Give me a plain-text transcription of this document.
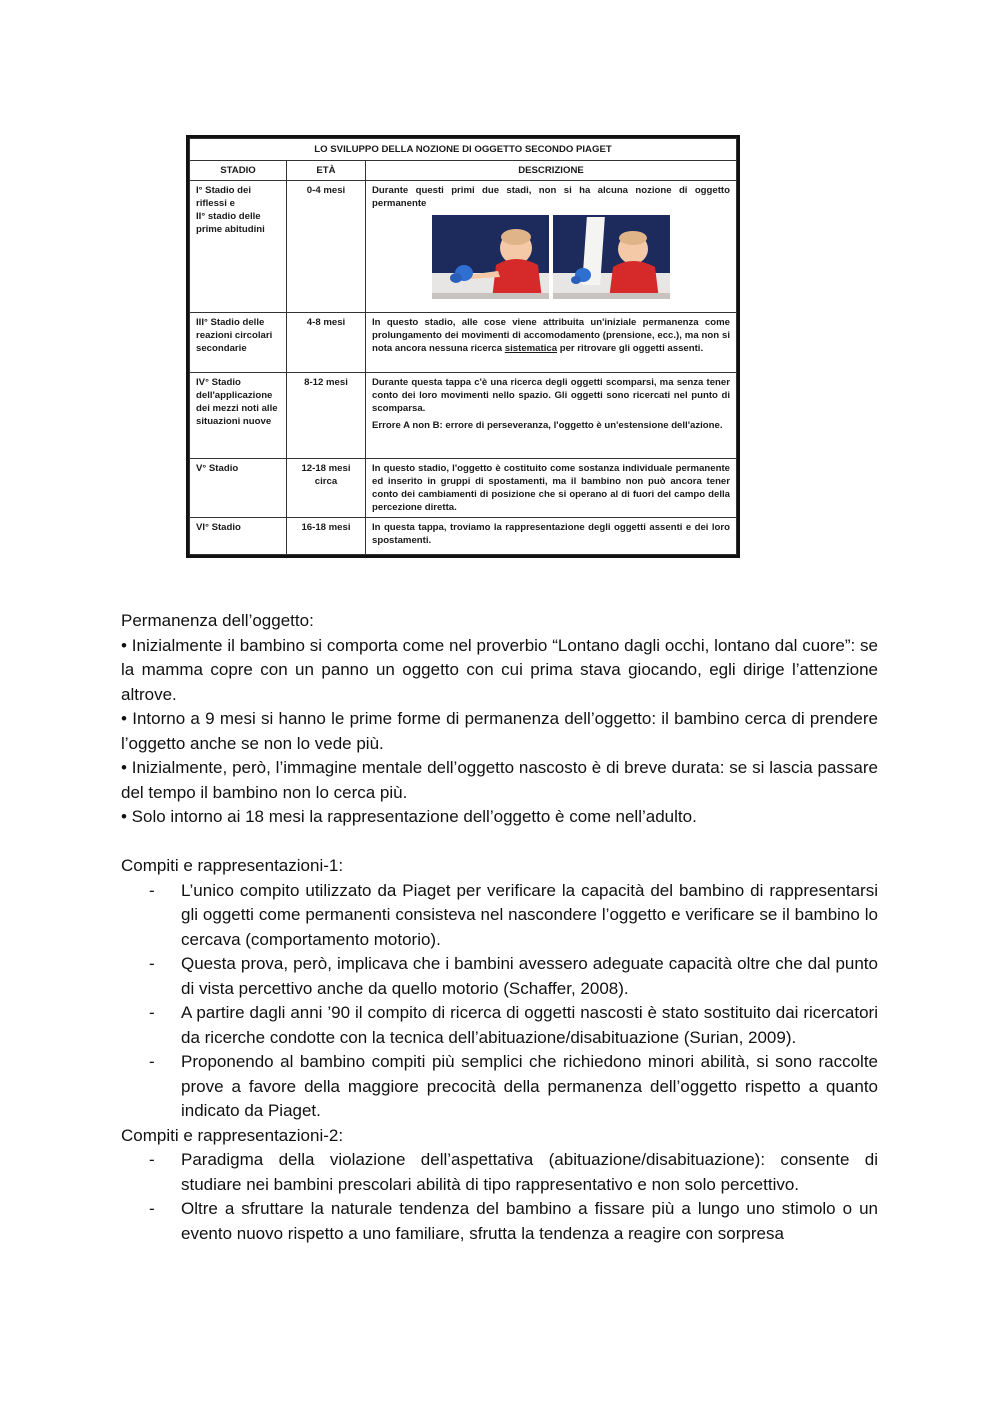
LO SVILUPPO DELLA NOZIONE DI OGGETTO SECONDO PIAGET		
STADIO	ETÀ	DESCRIZIONE

I° Stadio dei riflessi e
II° stadio delle prime abitudini	0-4 mesi	Durante questi primi due stadi, non si ha alcuna nozione di oggetto permanente

III° Stadio delle reazioni circolari secondarie	4-8 mesi	In questo stadio, alle cose viene attribuita un'iniziale permanenza come prolungamento dei movimenti di accomodamento (prensione, ecc.), ma non si nota ancora nessuna ricerca sistematica per ritrovare gli oggetti assenti.
IV° Stadio dell'applicazione dei mezzi noti alle situazioni nuove	8-12 mesi	Durante questa tappa c'è una ricerca degli oggetti scomparsi, ma senza tener conto dei loro movimenti nello spazio. Gli oggetti sono ricercati nel punto di scomparsa.

Errore A non B: errore di perseveranza, l'oggetto è un'estensione dell'azione.

V° Stadio	12-18 mesi circa	In questo stadio, l'oggetto è costituito come sostanza individuale permanente ed inserito in gruppi di spostamenti, ma il bambino non può ancora tener conto dei cambiamenti di posizione che si operano al di fuori del campo della percezione diretta.
VI° Stadio	16-18 mesi	In questa tappa, troviamo la rappresentazione degli oggetti assenti e dei loro spostamenti.

Permanenza dell’oggetto:

• Inizialmente il bambino si comporta come nel proverbio “Lontano dagli occhi, lontano dal cuore”: se la mamma copre con un panno un oggetto con cui prima stava giocando, egli dirige l’attenzione altrove.

• Intorno a 9 mesi si hanno le prime forme di permanenza dell’oggetto: il bambino cerca di prendere l’oggetto anche se non lo vede più.

• Inizialmente, però, l’immagine mentale dell’oggetto nascosto è di breve durata: se si lascia passare del tempo il bambino non lo cerca più.

• Solo intorno ai 18 mesi la rappresentazione dell’oggetto è come nell’adulto.

Compiti e rappresentazioni-1:

- L’unico compito utilizzato da Piaget per verificare la capacità del bambino di rappresentarsi gli oggetti come permanenti consisteva nel nascondere l’oggetto e verificare se il bambino lo cercava (comportamento motorio).
- Questa prova, però, implicava che i bambini avessero adeguate capacità oltre che dal punto di vista percettivo anche da quello motorio (Schaffer, 2008).
- A partire dagli anni ’90 il compito di ricerca di oggetti nascosti è stato sostituito dai ricercatori da ricerche condotte con la tecnica dell’abituazione/disabituazione (Surian, 2009).
- Proponendo al bambino compiti più semplici che richiedono minori abilità, si sono raccolte prove a favore della maggiore precocità della permanenza dell’oggetto rispetto a quanto indicato da Piaget.

Compiti e rappresentazioni-2:

- Paradigma della violazione dell’aspettativa (abituazione/disabituazione): consente di studiare nei bambini prescolari abilità di tipo rappresentativo e non solo percettivo.
- Oltre a sfruttare la naturale tendenza del bambino a fissare più a lungo uno stimolo o un evento nuovo rispetto a uno familiare, sfrutta la tendenza a reagire con sorpresa
